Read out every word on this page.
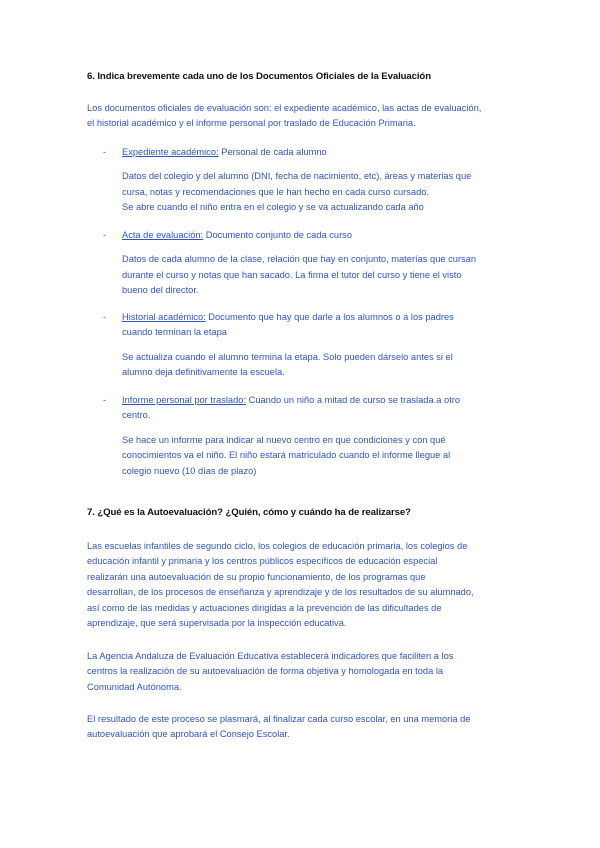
6. Indica brevemente cada uno de los Documentos Oficiales de la Evaluación
Los documentos oficiales de evaluación son: el expediente académico, las actas de evaluación,
el historial académico y el informe personal por traslado de Educación Primaria.
- Expediente académico: Personal de cada alumno
Datos del colegio y del alumno (DNI, fecha de nacimiento, etc), áreas y materias que
cursa, notas y recomendaciones que le han hecho en cada curso cursado.
Se abre cuando el niño entra en el colegio y se va actualizando cada año
- Acta de evaluación: Documento conjunto de cada curso
Datos de cada alumno de la clase, relación que hay en conjunto, materías que cursan
durante el curso y notas que han sacado. La firma el tutor del curso y tiene el visto
bueno del director.
- Historial académico: Documento que hay que darle a los alumnos o a los padres
cuando terminan la etapa
Se actualiza cuando el alumno termina la etapa. Solo pueden dárselo antes si el
alumno deja definitivamente la escuela.
- Informe personal por traslado: Cuando un niño a mitad de curso se traslada a otro
centro.
Se hace un informe para indicar al nuevo centro en que condiciones y con qué
conocimientos va el niño. El niño estará matriculado cuando el informe llegue al
colegio nuevo (10 días de plazo)
7. ¿Qué es la Autoevaluación? ¿Quién, cómo y cuándo ha de realizarse?
Las escuelas infantiles de segundo ciclo, los colegios de educación primaria, los colegios de
educación infantil y primaria y los centros públicos específicos de educación especial
realizarán una autoevaluación de su propio funcionamiento, de los programas que
desarrollan, de los procesos de enseñanza y aprendizaje y de los resultados de su alumnado,
así como de las medidas y actuaciones dirigidas a la prevención de las dificultades de
aprendizaje, que será supervisada por la inspección educativa.
La Agencia Andaluza de Evaluación Educativa establecerá indicadores que faciliten a los
centros la realización de su autoevaluación de forma objetiva y homologada en toda la
Comunidad Autónoma.
El resultado de este proceso se plasmará, al finalizar cada curso escolar, en una memoria de
autoevaluación que aprobará el Consejo Escolar.
